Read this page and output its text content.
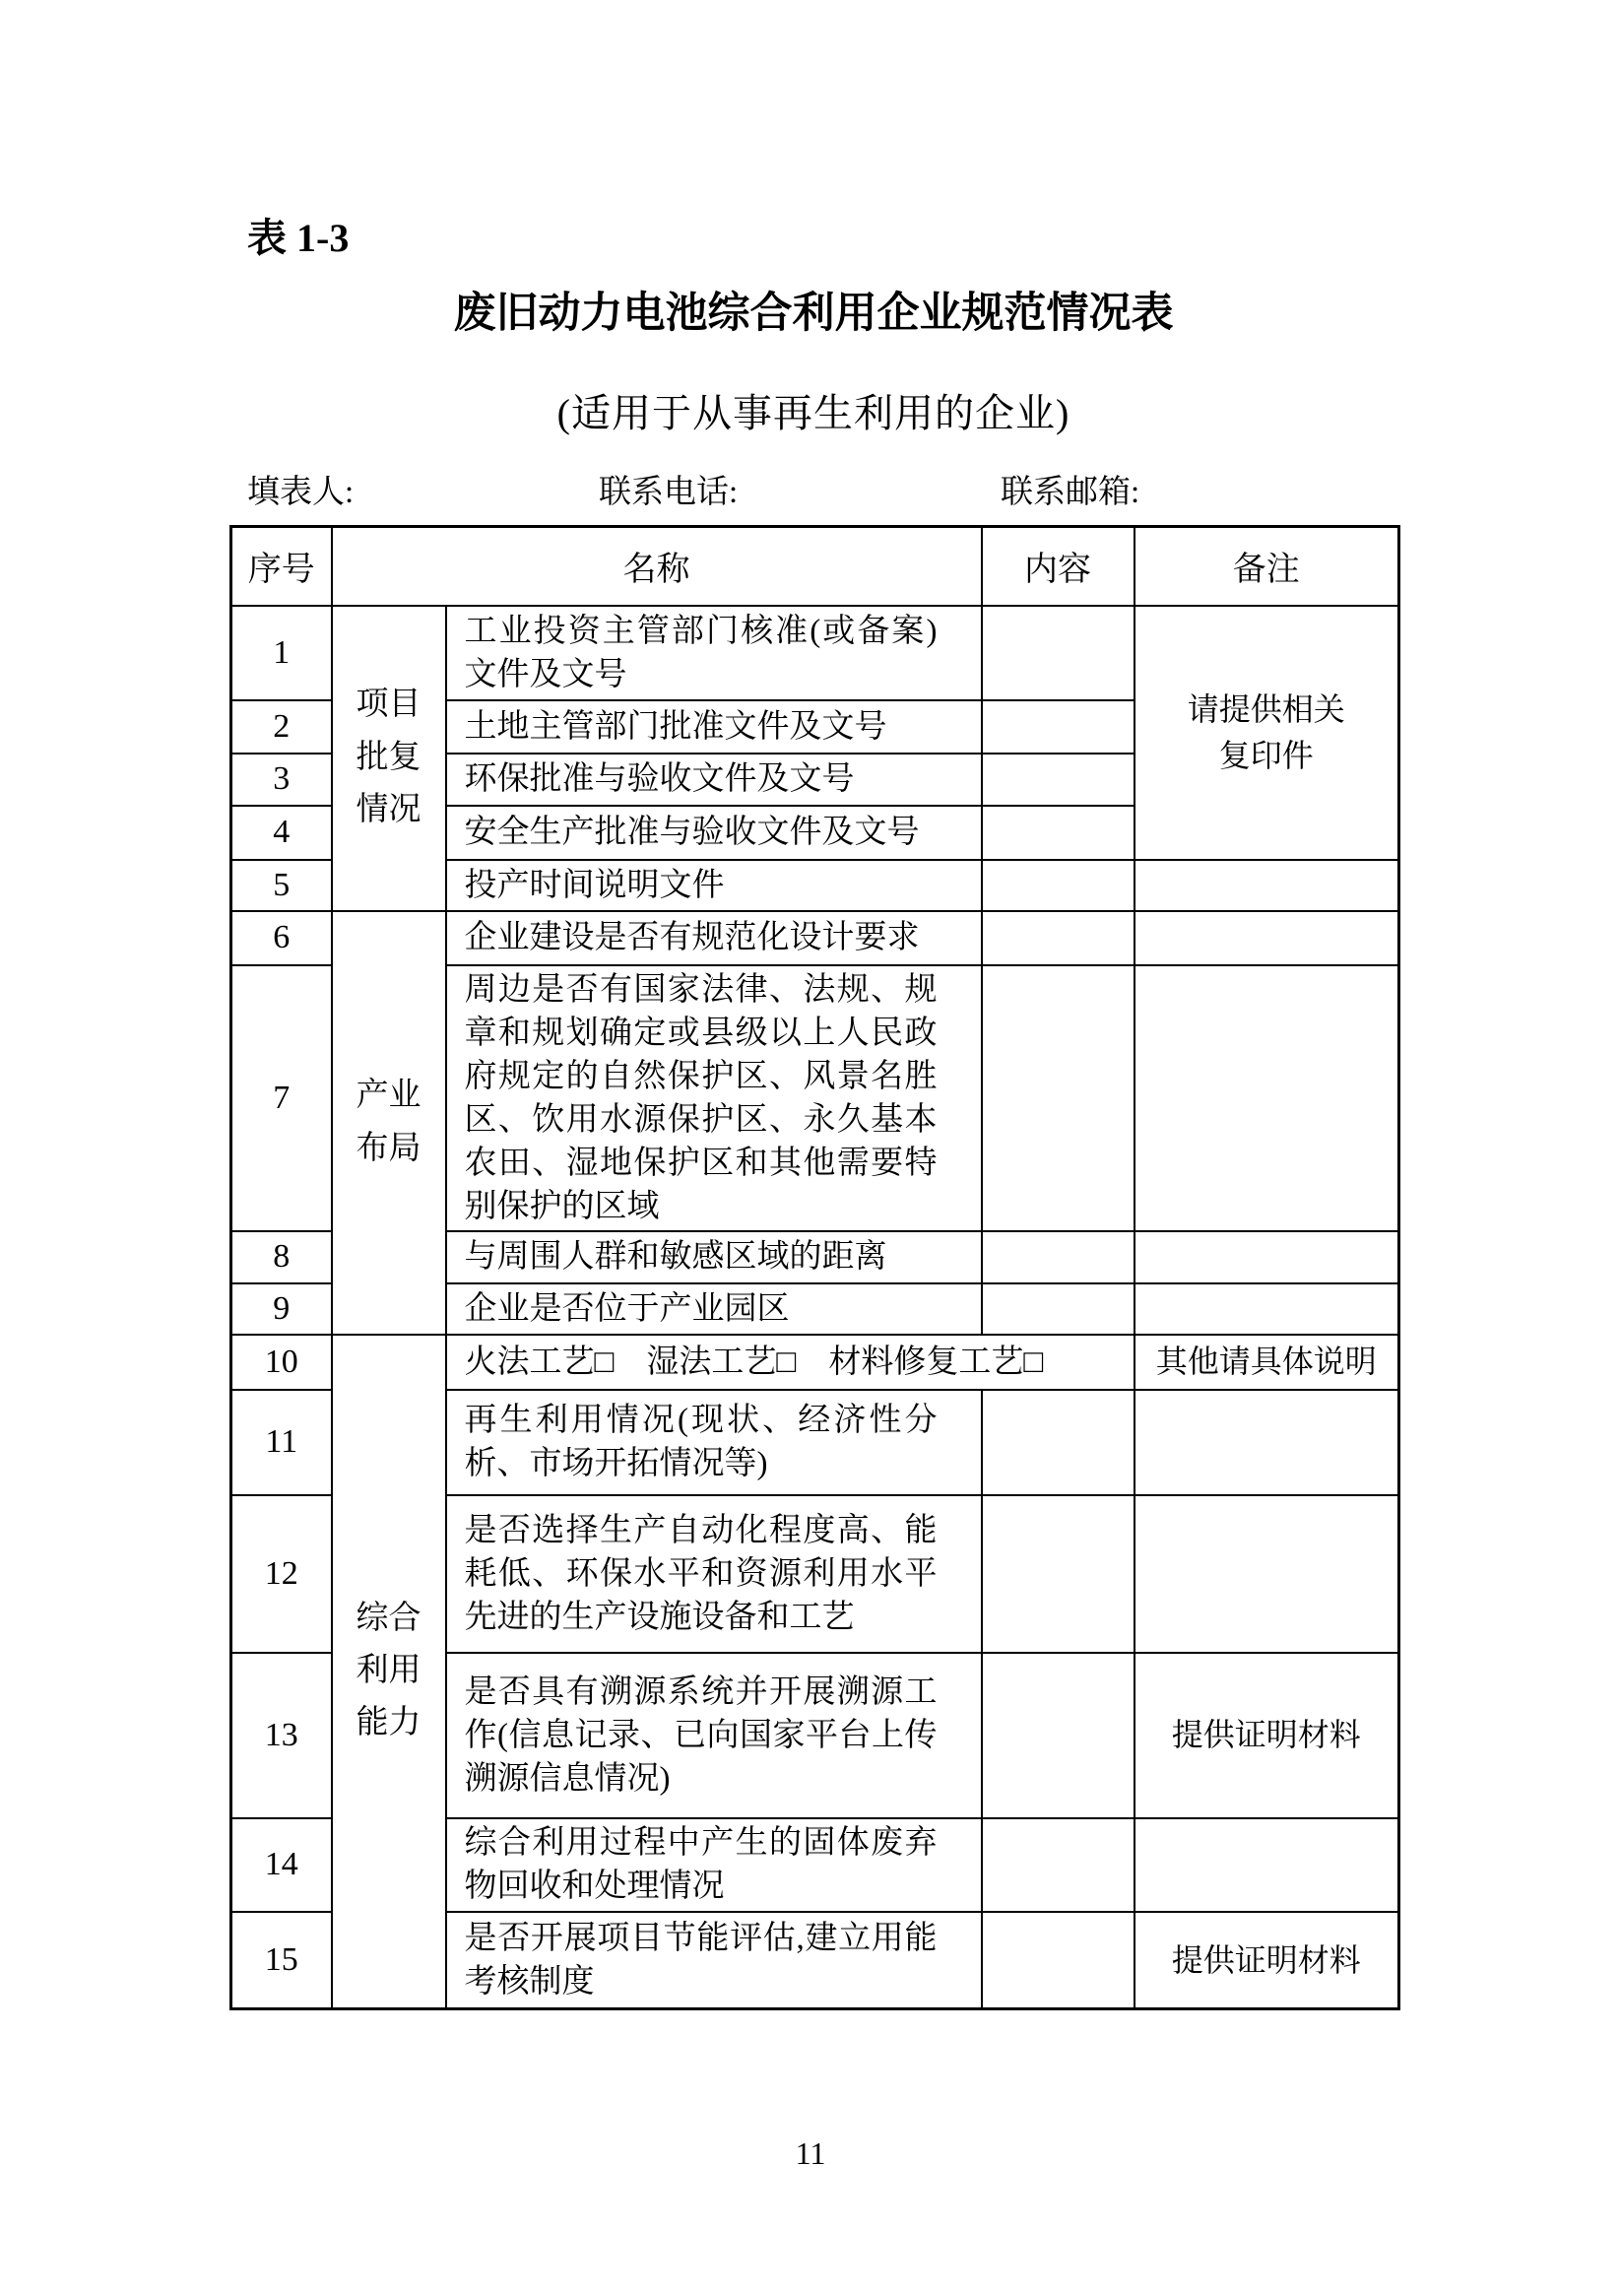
表 1-3
废旧动力电池综合利用企业规范情况表
(适用于从事再生利用的企业)
填表人:	联系电话:	联系邮箱:
序号	名称		内容	备注
1	项目批复情况	工业投资主管部门核准(或备案)文件及文号		请提供相关复印件

2		土地主管部门批准文件及文号		
3		环保批准与验收文件及文号		
4		安全生产批准与验收文件及文号		
5		投产时间说明文件		
6	产业布局	企业建设是否有规范化设计要求		
7		周边是否有国家法律、法规、规章和规划确定或县级以上人民政府规定的自然保护区、风景名胜区、饮用水源保护区、永久基本农田、湿地保护区和其他需要特别保护的区域		
8		与周围人群和敏感区域的距离		
9		企业是否位于产业园区		
10	综合利用能力	火法工艺□　湿法工艺□　材料修复工艺□		其他请具体说明
11		再生利用情况(现状、经济性分析、市场开拓情况等)		
12		是否选择生产自动化程度高、能耗低、环保水平和资源利用水平先进的生产设施设备和工艺		
13		是否具有溯源系统并开展溯源工作(信息记录、已向国家平台上传溯源信息情况)		提供证明材料
14		综合利用过程中产生的固体废弃物回收和处理情况		
15		是否开展项目节能评估,建立用能考核制度		提供证明材料
11
